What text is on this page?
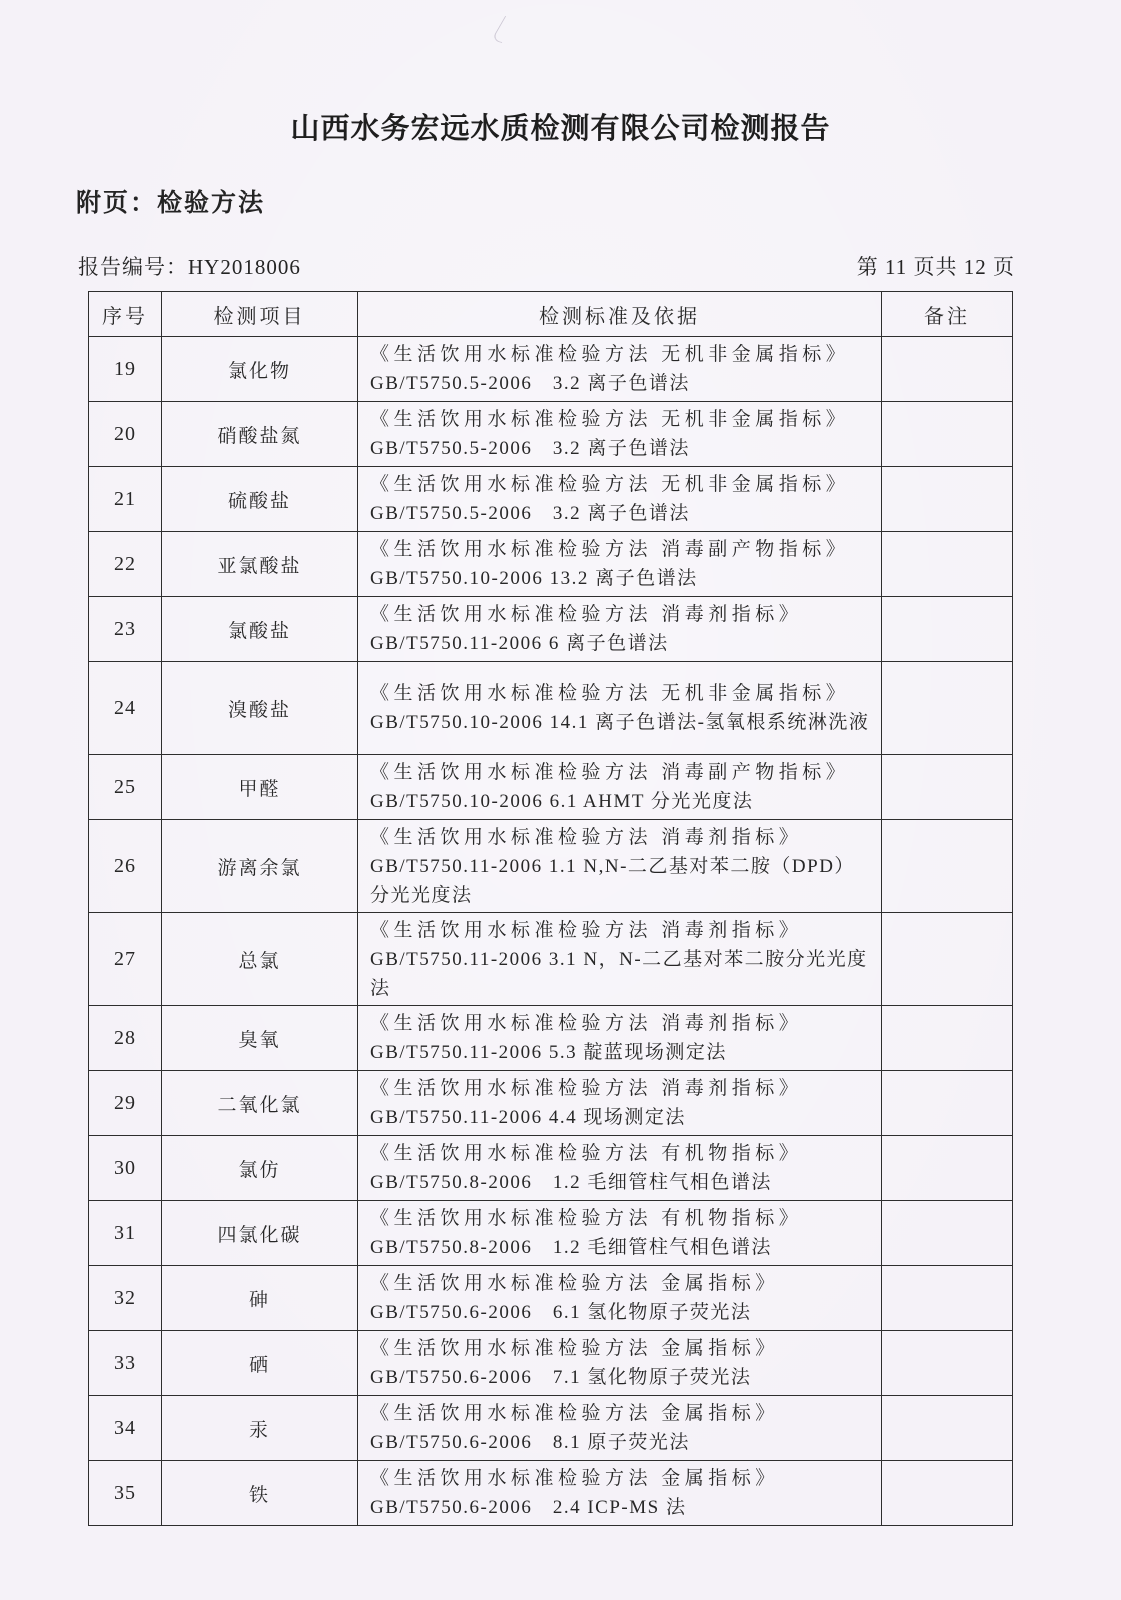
山西水务宏远水质检测有限公司检测报告
附页：检验方法
报告编号：HY2018006	第 11 页共 12 页
序号	检测项目	检测标准及依据	备注
19	氯化物	《生活饮用水标准检验方法 无机非金属指标》
GB/T5750.5-2006　3.2 离子色谱法	

20	硝酸盐氮	《生活饮用水标准检验方法 无机非金属指标》
GB/T5750.5-2006　3.2 离子色谱法	

21	硫酸盐	《生活饮用水标准检验方法 无机非金属指标》
GB/T5750.5-2006　3.2 离子色谱法	

22	亚氯酸盐	《生活饮用水标准检验方法 消毒副产物指标》
GB/T5750.10-2006 13.2 离子色谱法	

23	氯酸盐	《生活饮用水标准检验方法 消毒剂指标》
GB/T5750.11-2006 6 离子色谱法	

24	溴酸盐	《生活饮用水标准检验方法 无机非金属指标》
GB/T5750.10-2006 14.1 离子色谱法-氢氧根系统淋洗液	

25	甲醛	《生活饮用水标准检验方法 消毒副产物指标》
GB/T5750.10-2006 6.1 AHMT 分光光度法	

26	游离余氯	《生活饮用水标准检验方法 消毒剂指标》
GB/T5750.11-2006 1.1 N,N-二乙基对苯二胺（DPD）分光光度法	

27	总氯	《生活饮用水标准检验方法 消毒剂指标》
GB/T5750.11-2006 3.1 N，N-二乙基对苯二胺分光光度法	

28	臭氧	《生活饮用水标准检验方法 消毒剂指标》
GB/T5750.11-2006 5.3 靛蓝现场测定法	

29	二氧化氯	《生活饮用水标准检验方法 消毒剂指标》
GB/T5750.11-2006 4.4 现场测定法	

30	氯仿	《生活饮用水标准检验方法 有机物指标》
GB/T5750.8-2006　1.2 毛细管柱气相色谱法	

31	四氯化碳	《生活饮用水标准检验方法 有机物指标》
GB/T5750.8-2006　1.2 毛细管柱气相色谱法	

32	砷	《生活饮用水标准检验方法 金属指标》
GB/T5750.6-2006　6.1 氢化物原子荧光法	

33	硒	《生活饮用水标准检验方法 金属指标》
GB/T5750.6-2006　7.1 氢化物原子荧光法	

34	汞	《生活饮用水标准检验方法 金属指标》
GB/T5750.6-2006　8.1 原子荧光法	

35	铁	《生活饮用水标准检验方法 金属指标》
GB/T5750.6-2006　2.4 ICP-MS 法	
